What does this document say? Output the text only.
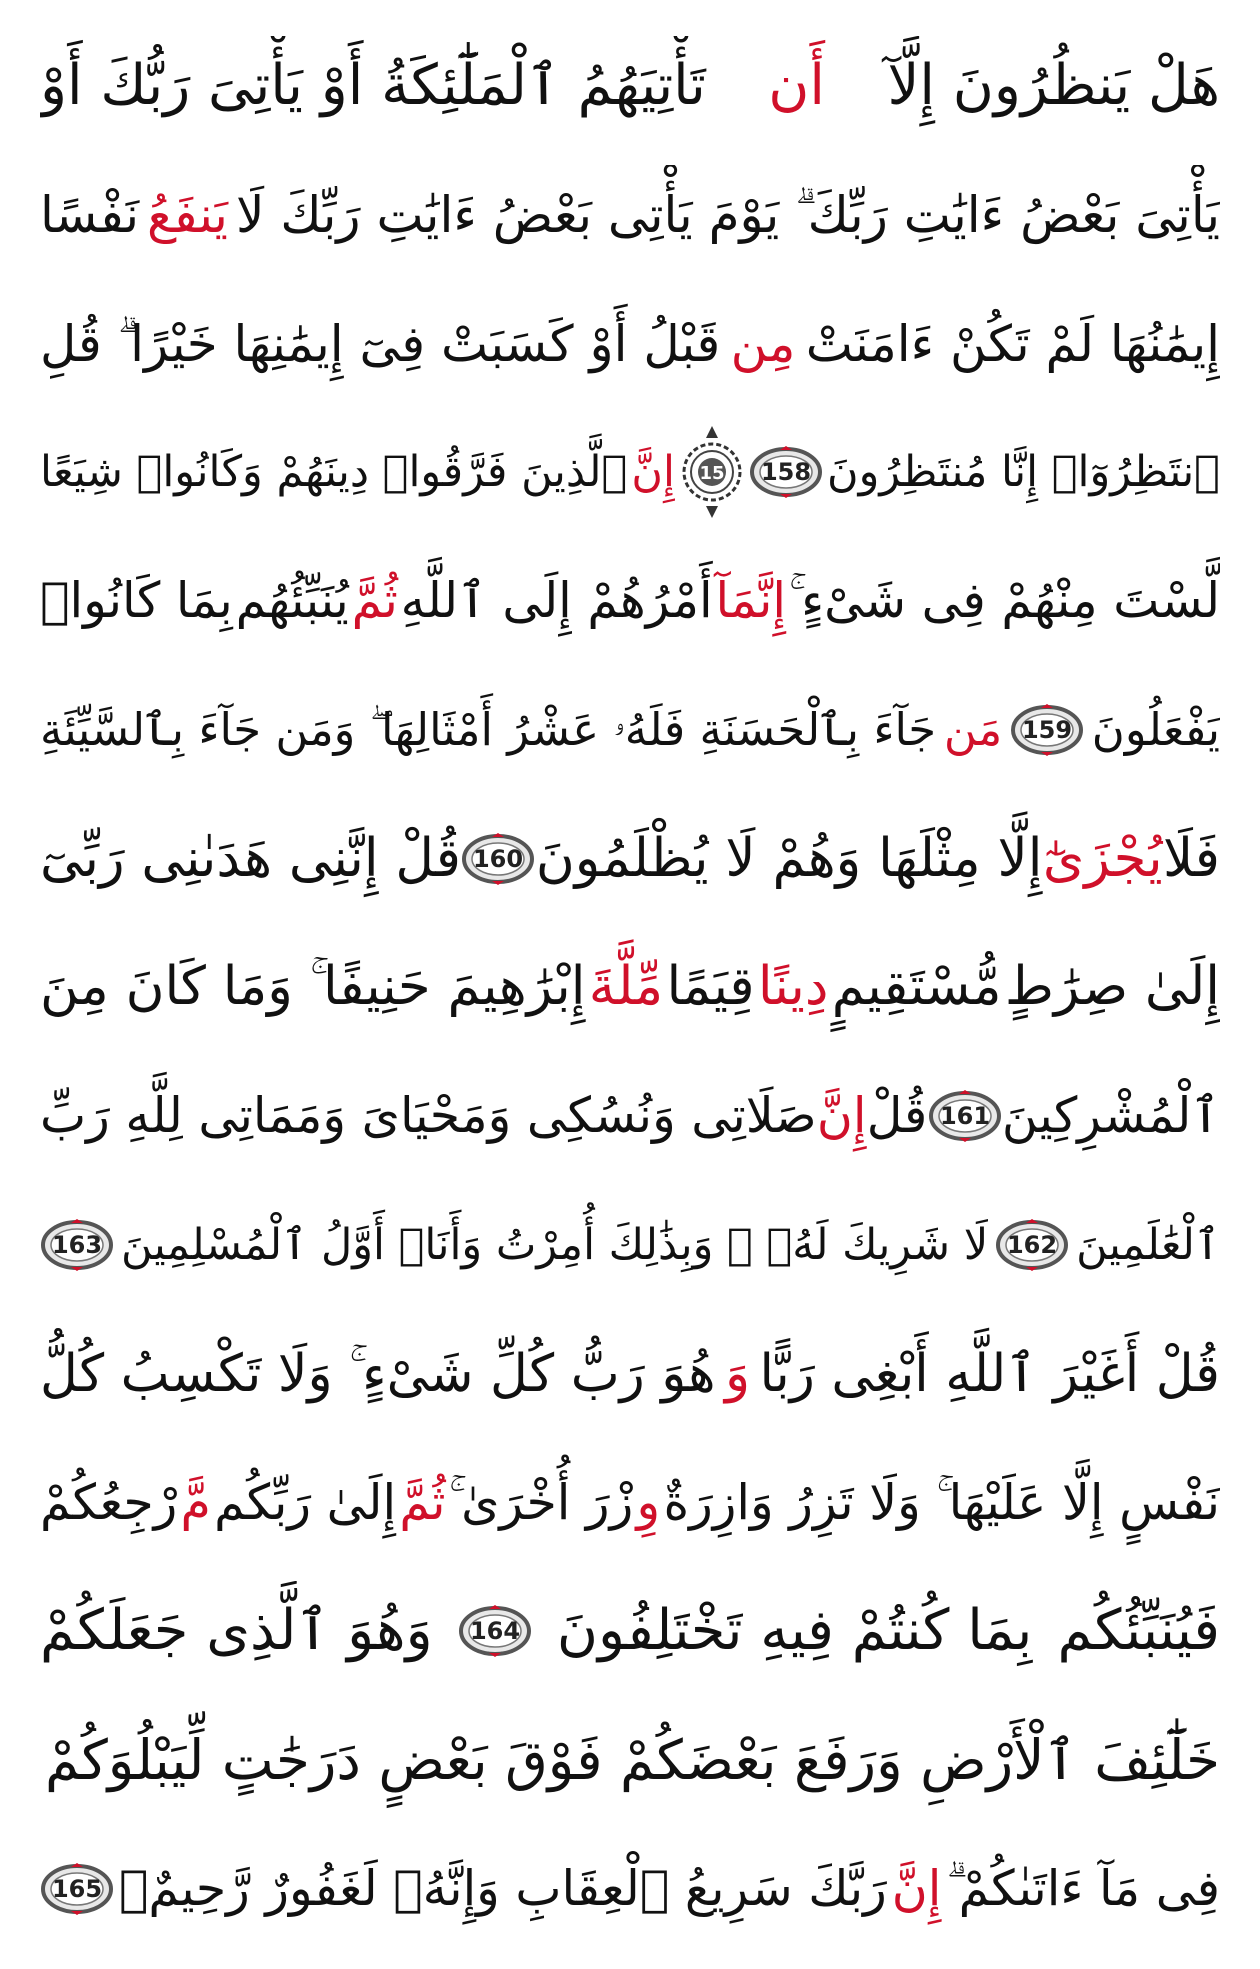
هَلْ يَنظُرُونَ إِلَّآ
أَن
تَأْتِيَهُمُ ٱلْمَلَٰٓئِكَةُ أَوْ يَأْتِىَ رَبُّكَ أَوْ
يَأْتِىَ بَعْضُ ءَايَٰتِ رَبِّكَ ۗ يَوْمَ يَأْتِى بَعْضُ ءَايَٰتِ رَبِّكَ لَا
يَنفَعُ
نَفْسًا
إِيمَٰنُهَا لَمْ تَكُنْ ءَامَنَتْ
مِن
قَبْلُ أَوْ كَسَبَتْ فِىٓ إِيمَٰنِهَا خَيْرًا ۗ قُلِ
ٱنتَظِرُوٓا۟ إِنَّا مُنتَظِرُونَ
158
15
إِنَّ
ٱلَّذِينَ فَرَّقُوا۟ دِينَهُمْ وَكَانُوا۟ شِيَعًا
لَّسْتَ مِنْهُمْ فِى شَىْءٍ ۚ
إِنَّمَآ
أَمْرُهُمْ إِلَى ٱللَّهِ
ثُمَّ
يُنَبِّئُهُم
بِمَا كَانُوا۟
يَفْعَلُونَ
159
مَن
جَآءَ بِٱلْحَسَنَةِ فَلَهُۥ عَشْرُ أَمْثَالِهَا ۖ وَمَن جَآءَ بِٱلسَّيِّئَةِ
فَلَا
يُجْزَىٰٓ
إِلَّا مِثْلَهَا وَهُمْ لَا يُظْلَمُونَ
160
قُلْ إِنَّنِى هَدَىٰنِى رَبِّىٓ
إِلَىٰ صِرَٰطٍ
مُّسْتَقِيمٍ
دِينًا
قِيَمًا
مِّلَّةَ
إِبْرَٰهِيمَ حَنِيفًا ۚ وَمَا كَانَ مِنَ
ٱلْمُشْرِكِينَ
161
قُلْ
إِنَّ
صَلَاتِى وَنُسُكِى وَمَحْيَاىَ وَمَمَاتِى لِلَّهِ رَبِّ
ٱلْعَٰلَمِينَ
162
لَا شَرِيكَ لَهُۥ ۖ وَبِذَٰلِكَ أُمِرْتُ وَأَنَا۠ أَوَّلُ ٱلْمُسْلِمِينَ
163
قُلْ أَغَيْرَ ٱللَّهِ أَبْغِى رَبًّا
وَ
هُوَ رَبُّ كُلِّ شَىْءٍ ۚ وَلَا تَكْسِبُ كُلُّ
نَفْسٍ إِلَّا عَلَيْهَا ۚ وَلَا تَزِرُ وَازِرَةٌ
وِ
زْرَ أُخْرَىٰ ۚ
ثُمَّ
إِلَىٰ رَبِّكُم
مَّ
رْجِعُكُمْ
فَيُنَبِّئُكُم
بِمَا كُنتُمْ فِيهِ تَخْتَلِفُونَ
164
وَهُوَ ٱلَّذِى جَعَلَكُمْ
خَلَٰٓئِفَ ٱلْأَرْضِ وَرَفَعَ بَعْضَكُمْ فَوْقَ بَعْضٍ دَرَجَٰتٍ لِّيَبْلُوَكُمْ
فِى مَآ ءَاتَىٰكُمْ ۗ
إِنَّ
رَبَّكَ سَرِيعُ ٱلْعِقَابِ وَإِنَّهُۥ لَغَفُورٌ رَّحِيمٌۢ
165
